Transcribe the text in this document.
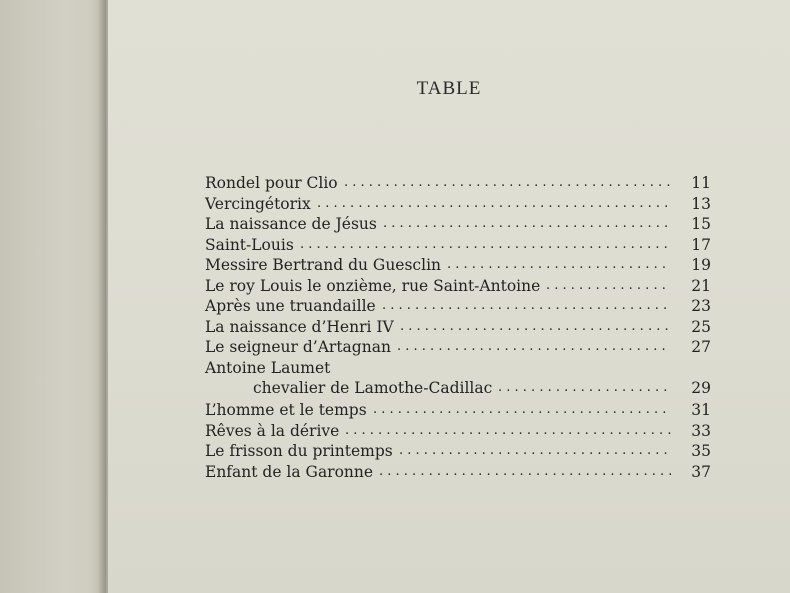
TABLE
. . .
Rondel pour Clio	11
. . .
Vercingétorix	13
. . .
La naissance de Jésus	15
. . .
Saint-Louis	17
. . .
Messire Bertrand du Guesclin	19
. . .
Le roy Louis le onzième, rue Saint-Antoine	21
. . .
Après une truandaille	23
. . .
La naissance d’Henri IV	25
. . .
Le seigneur d’Artagnan	27
Antoine Laumet
. . .
chevalier de Lamothe-Cadillac	29
. . .
L’homme et le temps	31
. . .
Rêves à la dérive	33
. . .
Le frisson du printemps	35
. . .
Enfant de la Garonne	37
